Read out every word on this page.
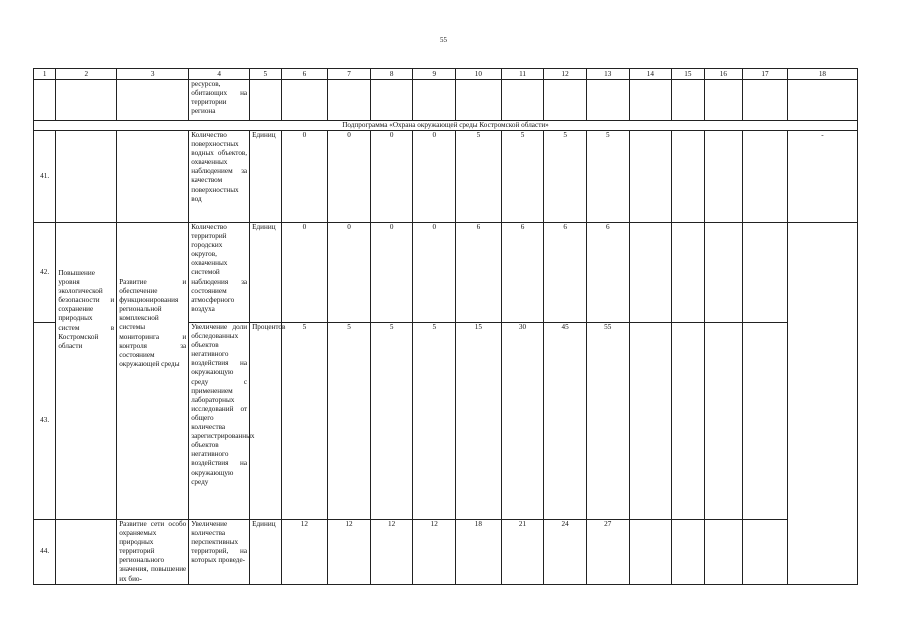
55
1	2	3	4	5	6	7	8	9	10	11	12	13	14	15	16	17	18
			ресурсов, обитающих на территории региона														
Подпрограмма «Охрана окружающей среды Костромской области»																	
41.			Количество поверхностных водных объектов, охваченных наблюдением за качеством поверхностных вод	Единиц	0	0	0	0	5	5	5	5					-
42.	Повышение уровня экологической безопасности и сохранение природных систем в Костромской области	Развитие и обеспечение функционирования региональной комплексной системы мониторинга и контроля за состоянием окружающей среды	Количество территорий городских округов, охваченных системой наблюдения за состоянием атмосферного воздуха	Единиц	0	0	0	0	6	6	6	6					
43.			Увеличение доли обследованных объектов негативного воздействия на окружающую среду с применением лабораторных исследований от общего количества зарегистрированных объектов негативного воздействия на окружающую среду	Процентов	5	5	5	5	15	30	45	55					
44.		Развитие сети особо охраняемых природных территорий регионального значения, повышение их био-	Увеличение количества перспективных территорий, на которых проведе-	Единиц	12	12	12	12	18	21	24	27					
